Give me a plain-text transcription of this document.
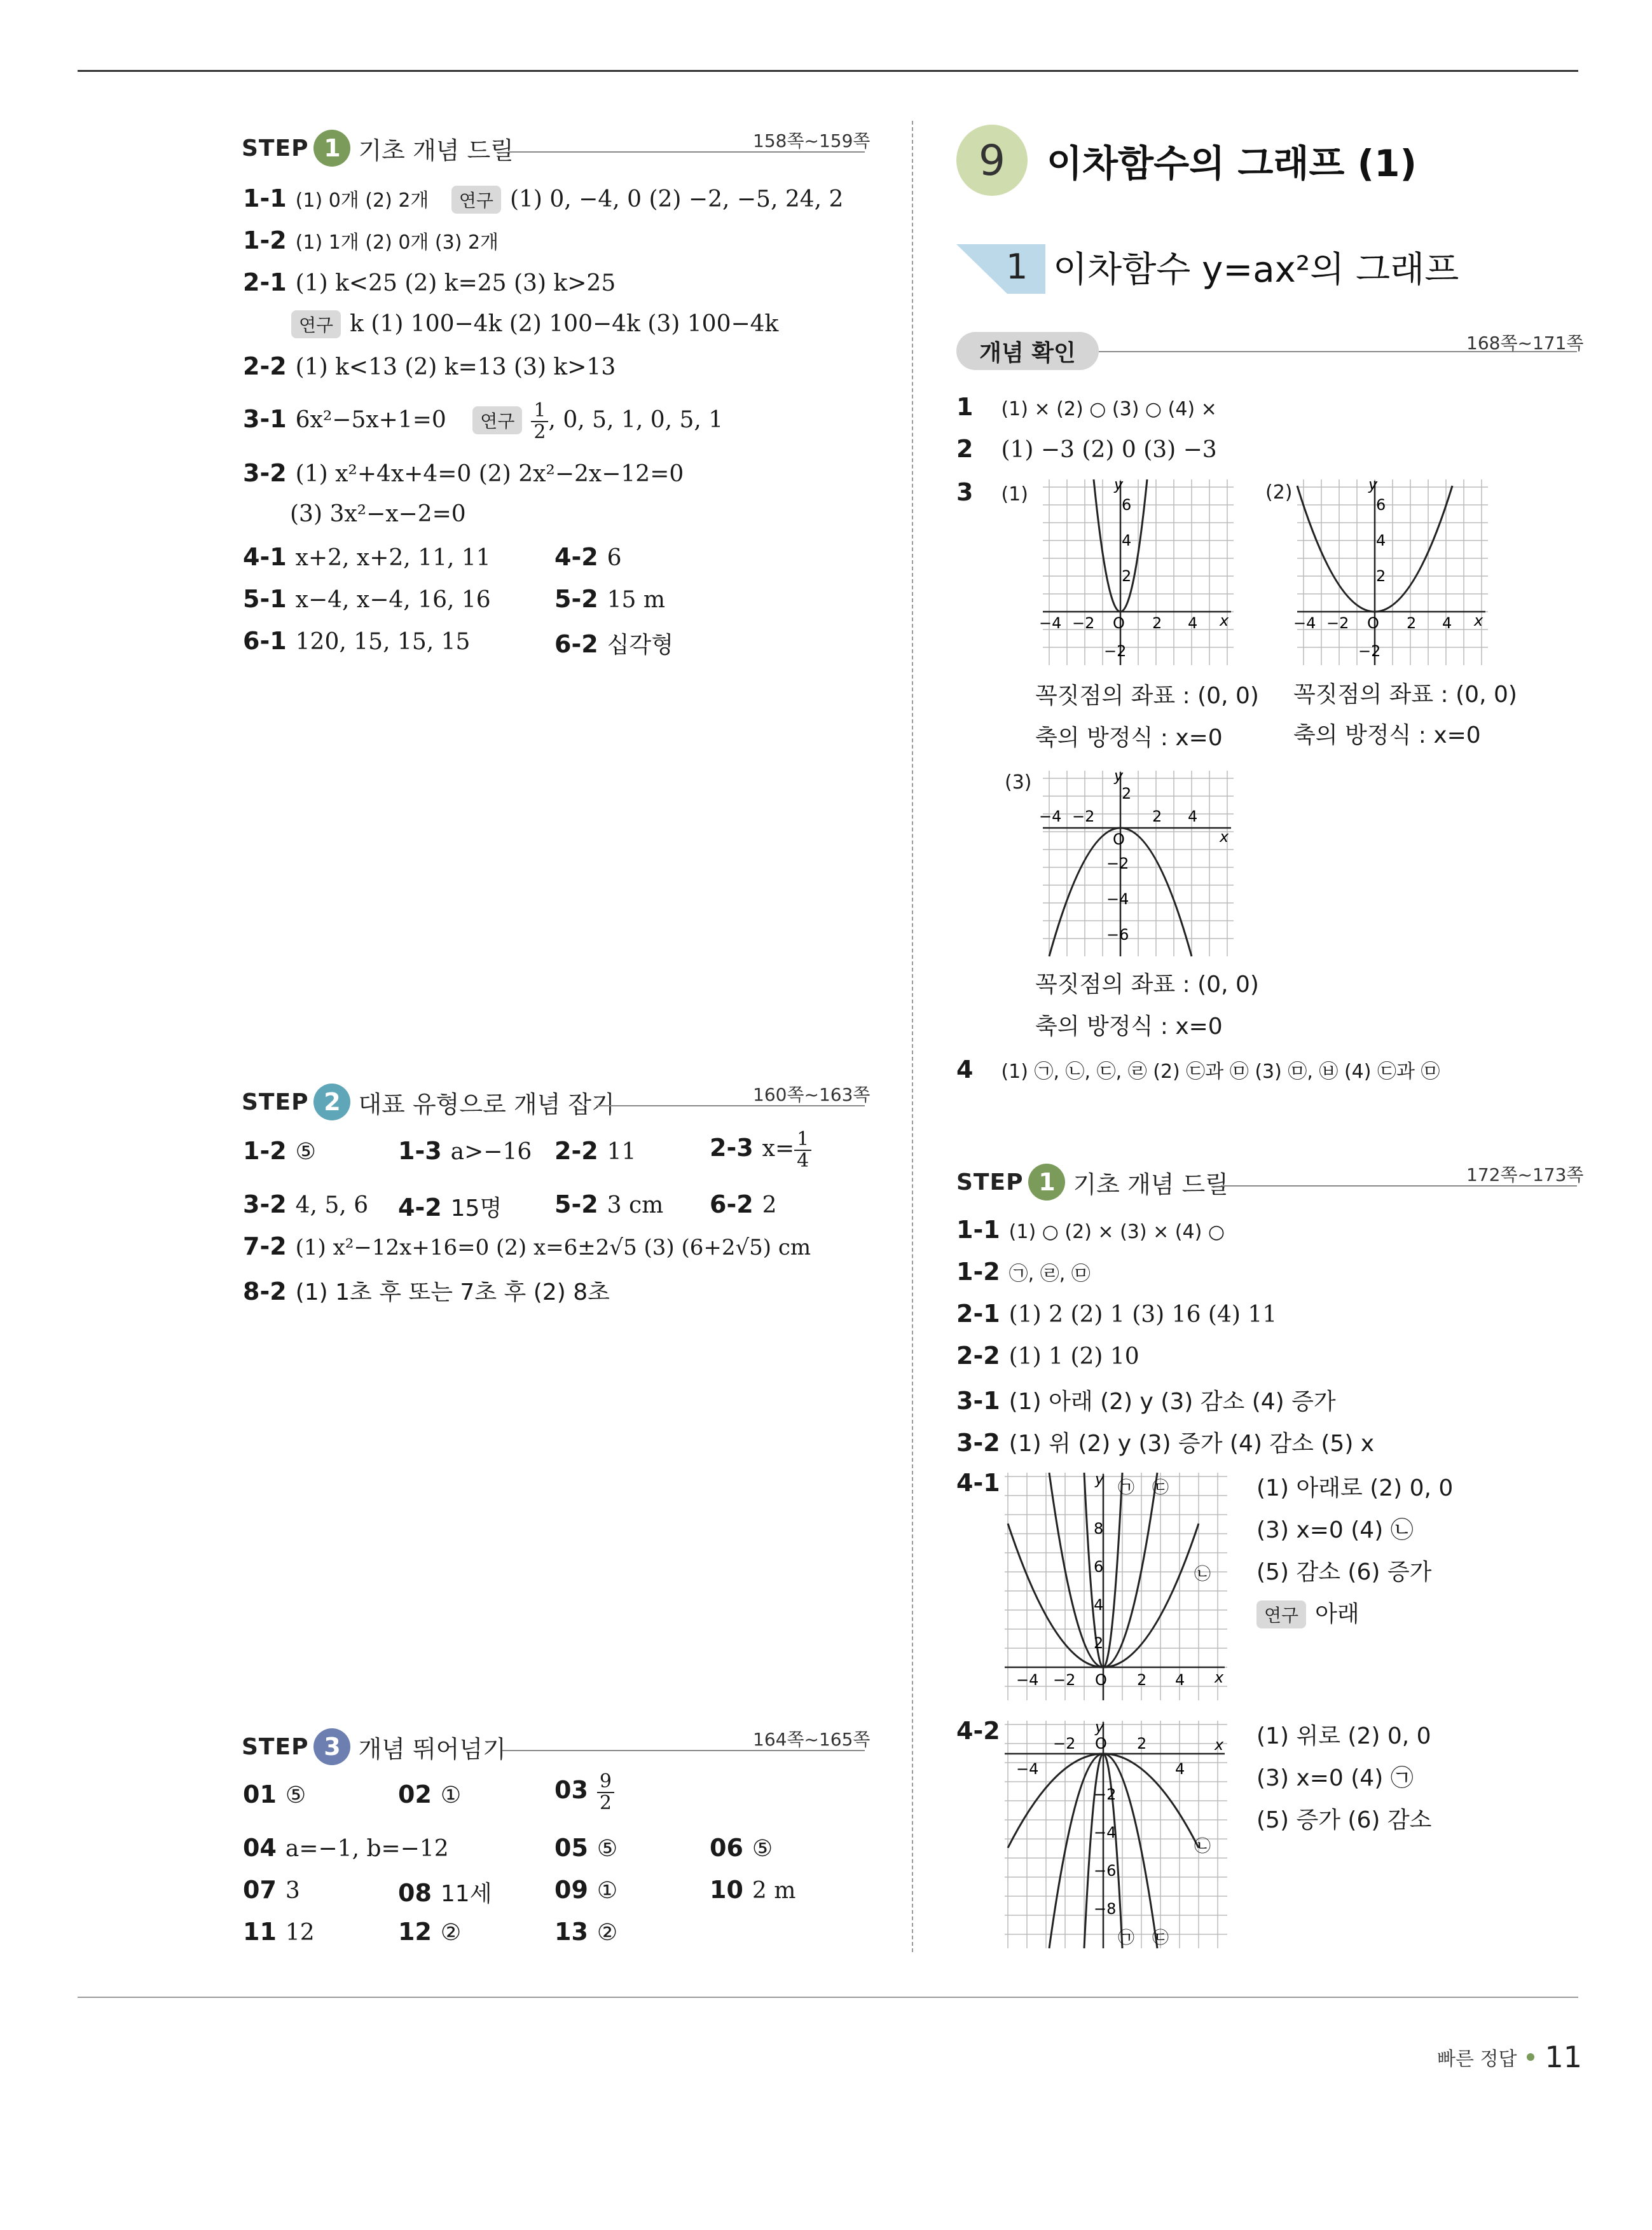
STEP 1 기초 개념 드릴	158쪽~159쪽
1-1 (1) 0개 (2) 2개 연구 (1) 0, −4, 0 (2) −2, −5, 24, 2
1-2 (1) 1개 (2) 0개 (3) 2개
2-1 (1) k<25 (2) k=25 (3) k>25
연구 k (1) 100−4k (2) 100−4k (3) 100−4k
2-2 (1) k<13 (2) k=13 (3) k>13
3-1 6x²−5x+1=0 연구 $\frac{1}{2}$ , 0, 5, 1, 0, 5, 1
3-2 (1) x²+4x+4=0 (2) 2x²−2x−12=0
(3) 3x²−x−2=0
4-1 x+2, x+2, 11, 11	4-2 6
5-1 x−4, x−4, 16, 16	5-2 15 m
6-1 120, 15, 15, 15	6-2 십각형
STEP 2 대표 유형으로 개념 잡기	160쪽~163쪽
1-2 ⑤	1-3 a>−16 2-2 11	2-3 $x= \frac{1}{4}$
3-2 4, 5, 6 4-2 15명 5-2 3 cm 6-2 2
7-2 (1) x²−12x+16=0 (2) x=6±2√5 (3) (6+2√5) cm
8-2 (1) 1초 후 또는 7초 후 (2) 8초
STEP 3 개념 뛰어넘기	164쪽~165쪽
01 ⑤	02 ①	$03 \frac{9}{2}$
04 a=−1, b=−12	05 ⑤	06 ⑤
07 3	08 11세	09 ①	10 2 m
11 12	12 ②	13 ②
9 이차함수의 그래프 (1)
1 이차함수 y=ax²의 그래프
개념 확인	168쪽~171쪽
1 (1) × (2) ○ (3) ○ (4) ×
2 (1) −3 (2) 0 (3) −3
3 (1)	(2)
y
x
O
−4 −2	2 4
2
4
6
−2
y
x
O
−4 −2	2 4
2
4
6
−2
꼭짓점의 좌표 : (0, 0)
축의 방정식 : x=0
꼭짓점의 좌표 : (0, 0)
축의 방정식 : x=0
(3)	y
x
O
−4 −2	2 4
2
−2
−4
−6
꼭짓점의 좌표 : (0, 0)
축의 방정식 : x=0
4 (1) ㉠, ㉡, ㉢, ㉣ (2) ㉢과 ㉤ (3) ㉤, ㉥ (4) ㉢과 ㉤
STEP 1 기초 개념 드릴	172쪽~173쪽
1-1 (1) ○ (2) × (3) × (4) ○
1-2 ㉠, ㉣, ㉤
2-1 (1) 2 (2) 1 (3) 16 (4) 11
2-2 (1) 1 (2) 10
3-1 (1) 아래 (2) y (3) 감소 (4) 증가
3-2 (1) 위 (2) y (3) 증가 (4) 감소 (5) x
4-1	y
x
O
−4 −2	2 4
2
4
6
8
㉠ ㉢
㉡
(1) 아래로 (2) 0, 0
(3) x=0 (4) ㉡
(5) 감소 (6) 증가
연구 아래
4-2	y
x
O
−4
−2	2
4
−2
−4
−6
−8
㉡
㉠ ㉢
(1) 위로 (2) 0, 0
(3) x=0 (4) ㉠
(5) 증가 (6) 감소
빠른 정답 11
